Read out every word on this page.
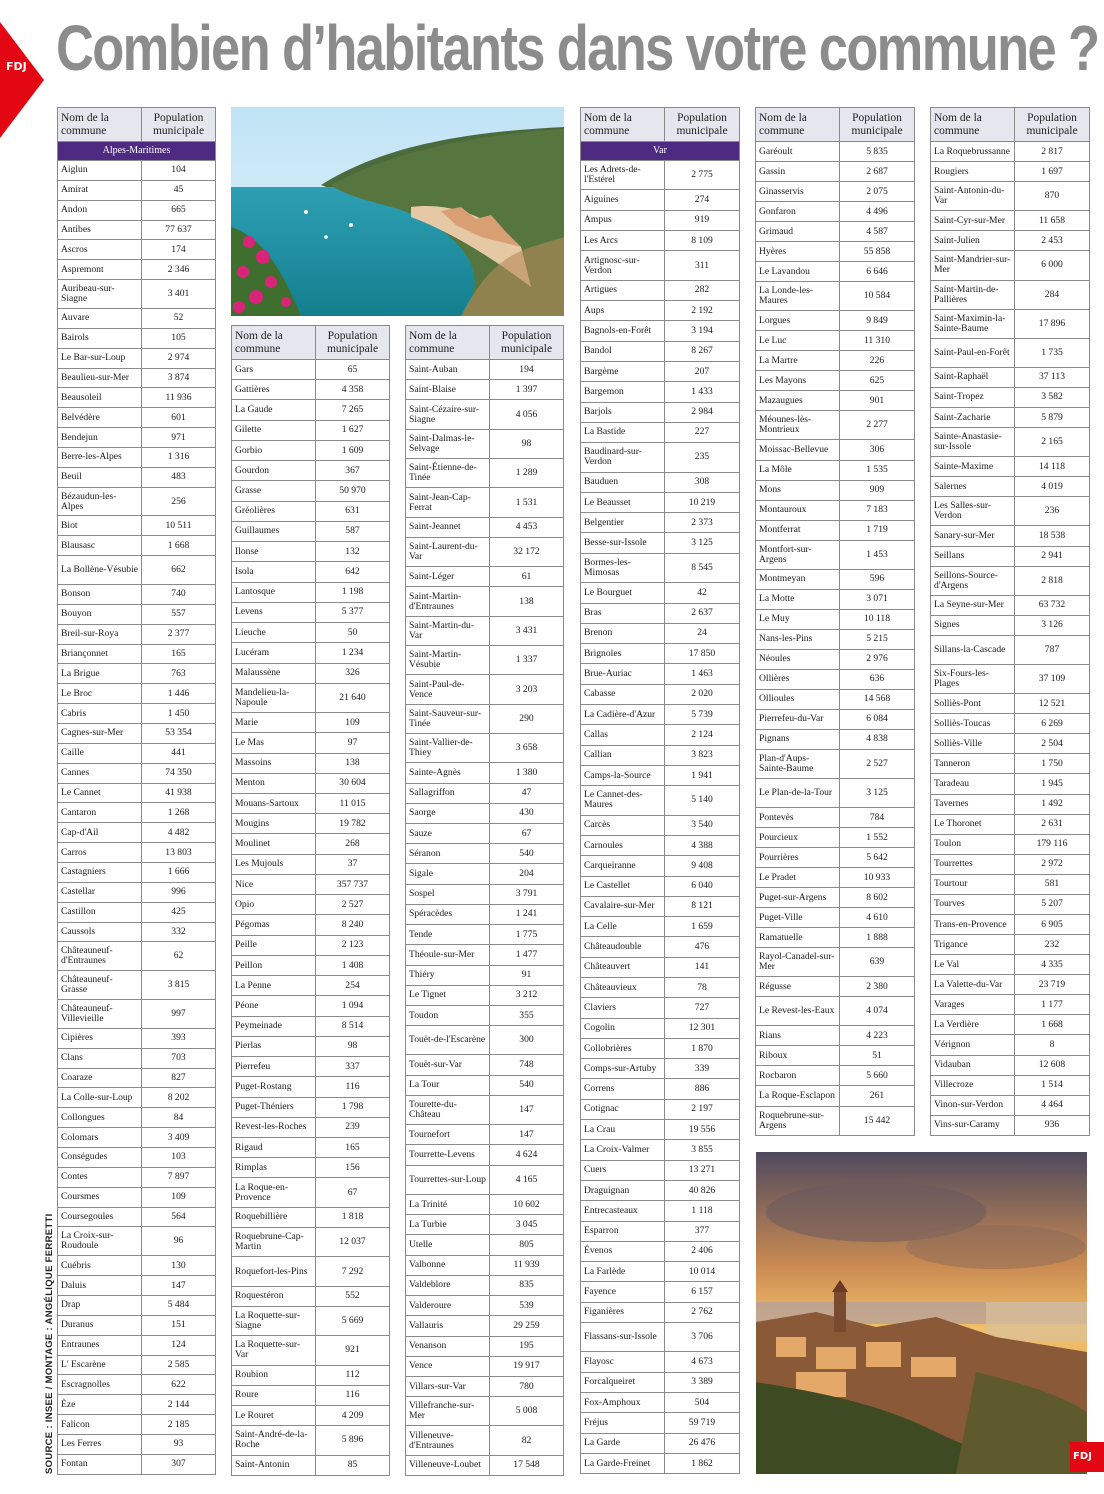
FDJ Combien d’habitants dans votre commune ?
SOURCE : INSEE / MONTAGE : ANGÉLIQUE FERRETTI	FDJ
Nom de la commune	Population municipale
Alpes-Maritimes	
Aiglun	104
Amirat	45
Andon	665
Antibes	77 637
Ascros	174
Aspremont	2 346
Auribeau-sur-Siagne	3 401
Auvare	52
Bairols	105
Le Bar-sur-Loup	2 974
Beaulieu-sur-Mer	3 874
Beausoleil	11 936
Belvédère	601
Bendejun	971
Berre-les-Alpes	1 316
Beuil	483
Bézaudun-les-Alpes	256
Biot	10 511
Blausasc	1 668
La Bollène-Vésubie	662
Bonson	740
Bouyon	557
Breil-sur-Roya	2 377
Briançonnet	165
La Brigue	763
Le Broc	1 446
Cabris	1 450
Cagnes-sur-Mer	53 354
Caille	441
Cannes	74 350
Le Cannet	41 938
Cantaron	1 268
Cap-d'Ail	4 482
Carros	13 803
Castagniers	1 666
Castellar	996
Castillon	425
Caussols	332
Châteauneuf-d'Entraunes	62
Châteauneuf-Grasse	3 815
Châteauneuf-Villevieille	997
Cipières	393
Clans	703
Coaraze	827
La Colle-sur-Loup	8 202
Collongues	84
Colomars	3 409
Conségudes	103
Contes	7 897
Coursmes	109
Coursegoules	564
La Croix-sur-Roudoule	96
Cuébris	130
Daluis	147
Drap	5 484
Duranus	151
Entraunes	124
L' Escarène	2 585
Escragnolles	622
Èze	2 144
Falicon	2 185
Les Ferres	93
Fontan	307
Nom de la commune	Population municipale
Gars	65
Gattières	4 358
La Gaude	7 265
Gilette	1 627
Gorbio	1 609
Gourdon	367
Grasse	50 970
Gréolières	631
Guillaumes	587
Ilonse	132
Isola	642
Lantosque	1 198
Levens	5 377
Lieuche	50
Lucéram	1 234
Malaussène	326
Mandelieu-la-Napoule	21 640
Marie	109
Le Mas	97
Massoins	138
Menton	30 604
Mouans-Sartoux	11 015
Mougins	19 782
Moulinet	268
Les Mujouls	37
Nice	357 737
Opio	2 527
Pégomas	8 240
Peille	2 123
Peillon	1 408
La Penne	254
Péone	1 094
Peymeinade	8 514
Pierlas	98
Pierrefeu	337
Puget-Rostang	116
Puget-Théniers	1 798
Revest-les-Roches	239
Rigaud	165
Rimplas	156
La Roque-en-Provence	67
Roquebillière	1 818
Roquebrune-Cap-Martin	12 037
Roquefort-les-Pins	7 292
Roquestéron	552
La Roquette-sur-Siagne	5 669
La Roquette-sur-Var	921
Roubion	112
Roure	116
Le Rouret	4 209
Saint-André-de-la-Roche	5 896
Saint-Antonin	85
Nom de la commune	Population municipale
Saint-Auban	194
Saint-Blaise	1 397
Saint-Cézaire-sur-Siagne	4 056
Saint-Dalmas-le-Selvage	98
Saint-Étienne-de-Tinée	1 289
Saint-Jean-Cap-Ferrat	1 531
Saint-Jeannet	4 453
Saint-Laurent-du-Var	32 172
Saint-Léger	61
Saint-Martin-d'Entraunes	138
Saint-Martin-du-Var	3 431
Saint-Martin-Vésubie	1 337
Saint-Paul-de-Vence	3 203
Saint-Sauveur-sur-Tinée	290
Saint-Vallier-de-Thiey	3 658
Sainte-Agnès	1 380
Sallagriffon	47
Saorge	430
Sauze	67
Séranon	540
Sigale	204
Sospel	3 791
Spéracèdes	1 241
Tende	1 775
Théoule-sur-Mer	1 477
Thiéry	91
Le Tignet	3 212
Toudon	355
Touët-de-l'Escarène	300
Touët-sur-Var	748
La Tour	540
Tourette-du-Château	147
Tournefort	147
Tourrette-Levens	4 624
Tourrettes-sur-Loup	4 165
La Trinité	10 602
La Turbie	3 045
Utelle	805
Valbonne	11 939
Valdeblore	835
Valderoure	539
Vallauris	29 259
Venanson	195
Vence	19 917
Villars-sur-Var	780
Villefranche-sur-Mer	5 008
Villeneuve-d'Entraunes	82
Villeneuve-Loubet	17 548
Nom de la commune	Population municipale
Var	
Les Adrets-de-l'Estérel	2 775
Aiguines	274
Ampus	919
Les Arcs	8 109
Artignosc-sur-Verdon	311
Artigues	282
Aups	2 192
Bagnols-en-Forêt	3 194
Bandol	8 267
Bargème	207
Bargemon	1 433
Barjols	2 984
La Bastide	227
Baudinard-sur-Verdon	235
Bauduen	308
Le Beausset	10 219
Belgentier	2 373
Besse-sur-Issole	3 125
Bormes-les-Mimosas	8 545
Le Bourguet	42
Bras	2 637
Brenon	24
Brignoles	17 850
Brue-Auriac	1 463
Cabasse	2 020
La Cadière-d'Azur	5 739
Callas	2 124
Callian	3 823
Camps-la-Source	1 941
Le Cannet-des-Maures	5 140
Carcès	3 540
Carnoules	4 388
Carqueiranne	9 408
Le Castellet	6 040
Cavalaire-sur-Mer	8 121
La Celle	1 659
Châteaudouble	476
Châteauvert	141
Châteauvieux	78
Claviers	727
Cogolin	12 301
Collobrières	1 870
Comps-sur-Artuby	339
Correns	886
Cotignac	2 197
La Crau	19 556
La Croix-Valmer	3 855
Cuers	13 271
Draguignan	40 826
Entrecasteaux	1 118
Esparron	377
Évenos	2 406
La Farlède	10 014
Fayence	6 157
Figanières	2 762
Flassans-sur-Issole	3 706
Flayosc	4 673
Forcalqueiret	3 389
Fox-Amphoux	504
Fréjus	59 719
La Garde	26 476
La Garde-Freinet	1 862
Nom de la commune	Population municipale
Garéoult	5 835
Gassin	2 687
Ginasservis	2 075
Gonfaron	4 496
Grimaud	4 587
Hyères	55 858
Le Lavandou	6 646
La Londe-les-Maures	10 584
Lorgues	9 849
Le Luc	11 310
La Martre	226
Les Mayons	625
Mazaugues	901
Méounes-lès-Montrieux	2 277
Moissac-Bellevue	306
La Môle	1 535
Mons	909
Montauroux	7 183
Montferrat	1 719
Montfort-sur-Argens	1 453
Montmeyan	596
La Motte	3 071
Le Muy	10 118
Nans-les-Pins	5 215
Néoules	2 976
Ollières	636
Ollioules	14 568
Pierrefeu-du-Var	6 084
Pignans	4 838
Plan-d'Aups-Sainte-Baume	2 527
Le Plan-de-la-Tour	3 125
Pontevès	784
Pourcieux	1 552
Pourrières	5 642
Le Pradet	10 933
Puget-sur-Argens	8 602
Puget-Ville	4 610
Ramatuelle	1 888
Rayol-Canadel-sur-Mer	639
Régusse	2 380
Le Revest-les-Eaux	4 074
Rians	4 223
Riboux	51
Rocbaron	5 660
La Roque-Esclapon	261
Roquebrune-sur-Argens	15 442
Nom de la commune	Population municipale
La Roquebrussanne	2 817
Rougiers	1 697
Saint-Antonin-du-Var	870
Saint-Cyr-sur-Mer	11 658
Saint-Julien	2 453
Saint-Mandrier-sur-Mer	6 000
Saint-Martin-de-Pallières	284
Saint-Maximin-la-Sainte-Baume	17 896
Saint-Paul-en-Forêt	1 735
Saint-Raphaël	37 113
Saint-Tropez	3 582
Saint-Zacharie	5 879
Sainte-Anastasie-sur-Issole	2 165
Sainte-Maxime	14 118
Salernes	4 019
Les Salles-sur-Verdon	236
Sanary-sur-Mer	18 538
Seillans	2 941
Seillons-Source-d'Argens	2 818
La Seyne-sur-Mer	63 732
Signes	3 126
Sillans-la-Cascade	787
Six-Fours-les-Plages	37 109
Solliès-Pont	12 521
Solliès-Toucas	6 269
Solliès-Ville	2 504
Tanneron	1 750
Taradeau	1 945
Tavernes	1 492
Le Thoronet	2 631
Toulon	179 116
Tourrettes	2 972
Tourtour	581
Tourves	5 207
Trans-en-Provence	6 905
Trigance	232
Le Val	4 335
La Valette-du-Var	23 719
Varages	1 177
La Verdière	1 668
Vérignon	8
Vidauban	12 608
Villecroze	1 514
Vinon-sur-Verdon	4 464
Vins-sur-Caramy	936
